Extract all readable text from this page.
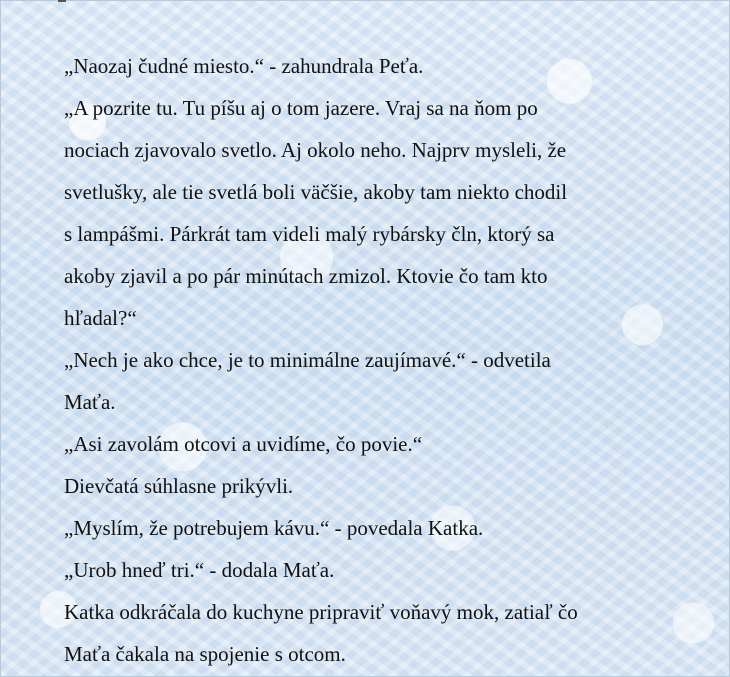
„Naozaj čudné miesto.“ - zahundrala Peťa.
„A pozrite tu. Tu píšu aj o tom jazere. Vraj sa na ňom po
nociach zjavovalo svetlo. Aj okolo neho. Najprv mysleli, že
svetlušky, ale tie svetlá boli väčšie, akoby tam niekto chodil
s lampášmi. Párkrát tam videli malý rybársky čln, ktorý sa
akoby zjavil a po pár minútach zmizol. Ktovie čo tam kto
hľadal?“
„Nech je ako chce, je to minimálne zaujímavé.“ - odvetila
Maťa.
„Asi zavolám otcovi a uvidíme, čo povie.“
Dievčatá súhlasne prikývli.
„Myslím, že potrebujem kávu.“ - povedala Katka.
„Urob hneď tri.“ - dodala Maťa.
Katka odkráčala do kuchyne pripraviť voňavý mok, zatiaľ čo
Maťa čakala na spojenie s otcom.
